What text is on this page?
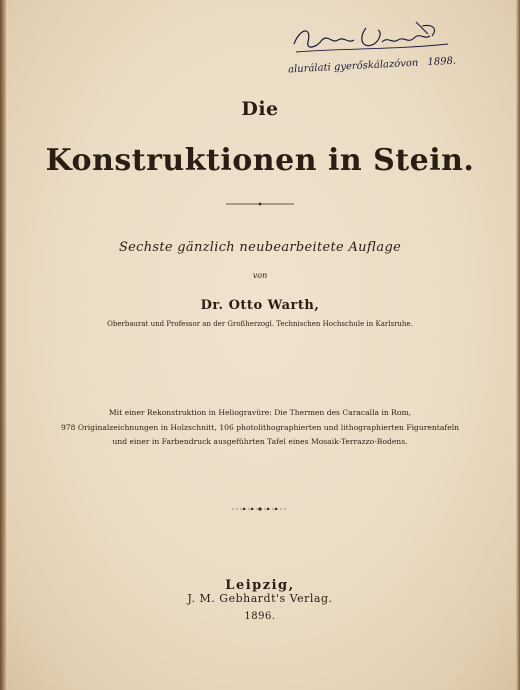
alurálati gyerőskálazóvon 1898.
Die
Konstruktionen in Stein.
Sechste gänzlich neubearbeitete Auflage
von
Dr. Otto Warth,
Oberbaurat und Professor an der Großherzogl. Technischen Hochschule in Karlsruhe.
Mit einer Rekonstruktion in Heliogravüre: Die Thermen des Caracalla in Rom,
978 Originalzeichnungen in Holzschnitt, 106 photolithographierten und lithographierten Figurentafeln
und einer in Farbendruck ausgeführten Tafel eines Mosaik-Terrazzo-Bodens.
Leipzig,
J. M. Gebhardt's Verlag.
1896.
